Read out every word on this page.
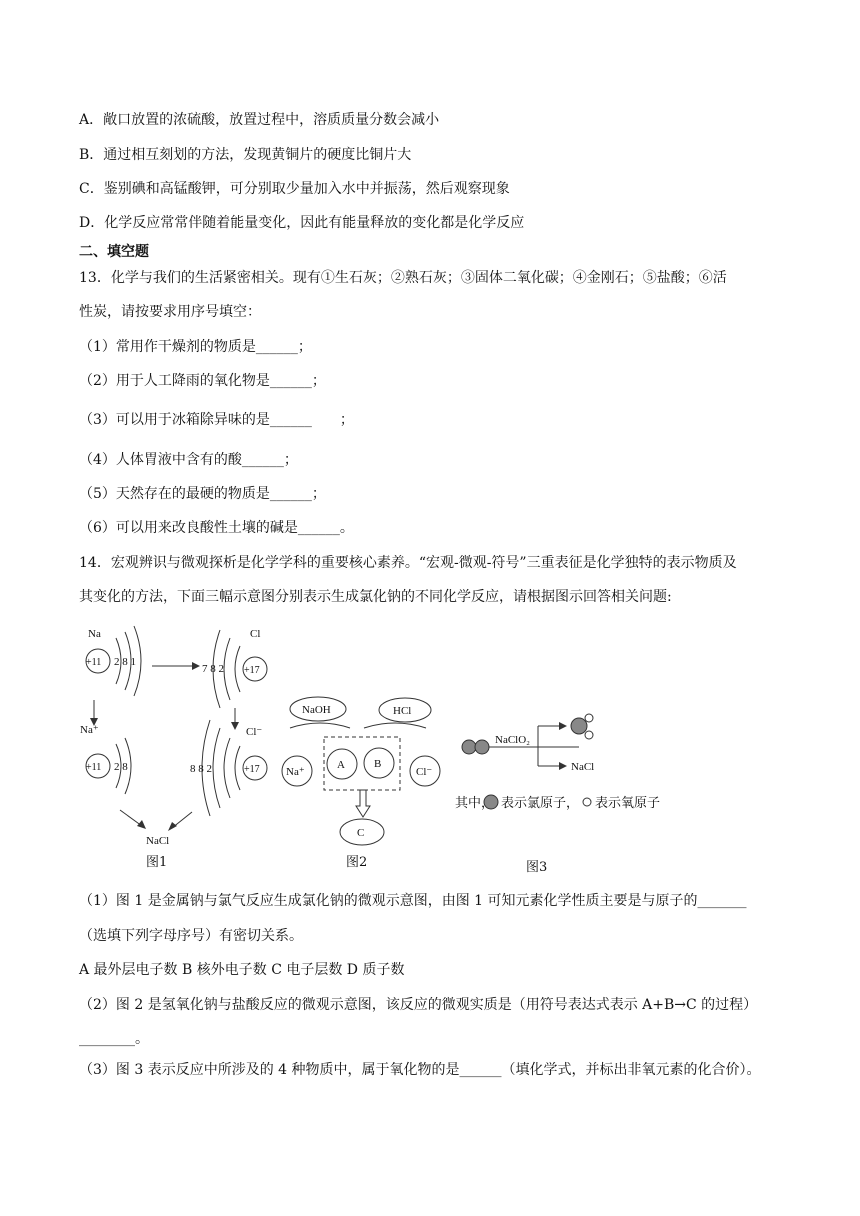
A．敞口放置的浓硫酸，放置过程中，溶质质量分数会减小
B．通过相互刻划的方法，发现黄铜片的硬度比铜片大
C．鉴别碘和高锰酸钾，可分别取少量加入水中并振荡，然后观察现象
D．化学反应常常伴随着能量变化，因此有能量释放的变化都是化学反应
二、填空题
13．化学与我们的生活紧密相关。现有①生石灰；②熟石灰；③固体二氧化碳；④金刚石；⑤盐酸；⑥活
性炭，请按要求用序号填空：
（1）常用作干燥剂的物质是______；
（2）用于人工降雨的氧化物是______；
（3）可以用于冰箱除异味的是______　　；
（4）人体胃液中含有的酸______；
（5）天然存在的最硬的物质是______；
（6）可以用来改良酸性土壤的碱是______。
14．宏观辨识与微观探析是化学学科的重要核心素养。“宏观-微观-符号”三重表征是化学独特的表示物质及
其变化的方法，下面三幅示意图分别表示生成氯化钠的不同化学反应，请根据图示回答相关问题:
Na	Cl
+11 2 8 1
7 8 2 +17
Na⁺	Cl⁻
+11 2 8	8 8 2	+17
NaCl
图1
NaOH	HCl
Na⁺	Cl⁻
A	B
C
图2
NaClO₂
NaCl
其中， 表示氯原子， 表示氧原子
图3
（1）图 1 是金属钠与氯气反应生成氯化钠的微观示意图，由图 1 可知元素化学性质主要是与原子的_______
（选填下列字母序号）有密切关系。
A 最外层电子数 B 核外电子数 C 电子层数 D 质子数
（2）图 2 是氢氧化钠与盐酸反应的微观示意图，该反应的微观实质是（用符号表达式表示 A+B→C 的过程）
________。
（3）图 3 表示反应中所涉及的 4 种物质中，属于氧化物的是______（填化学式，并标出非氧元素的化合价）。
